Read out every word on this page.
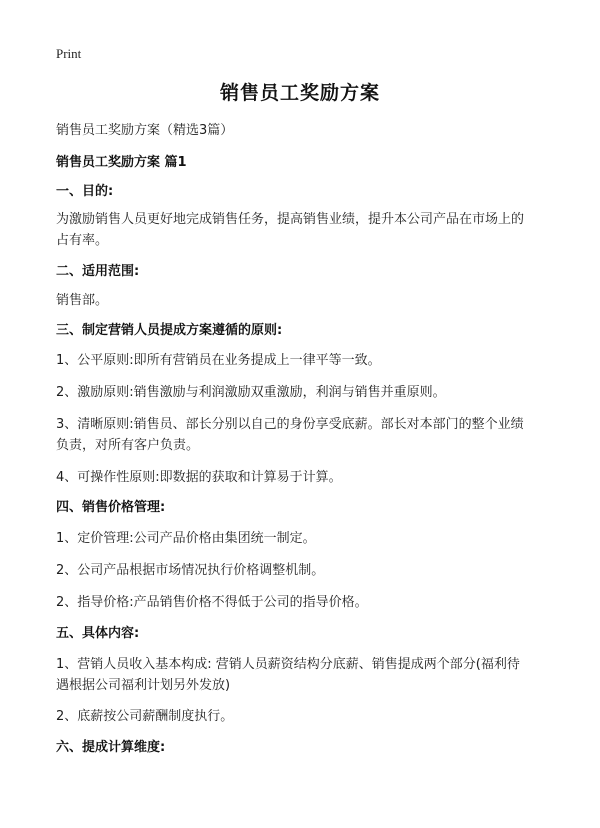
Print
销售员工奖励方案
销售员工奖励方案（精选3篇）
销售员工奖励方案 篇1
一、目的:
为激励销售人员更好地完成销售任务，提高销售业绩，提升本公司产品在市场上的
占有率。
二、适用范围:
销售部。
三、制定营销人员提成方案遵循的原则:
1、公平原则:即所有营销员在业务提成上一律平等一致。
2、激励原则:销售激励与利润激励双重激励，利润与销售并重原则。
3、清晰原则:销售员、部长分别以自己的身份享受底薪。部长对本部门的整个业绩
负责，对所有客户负责。
4、可操作性原则:即数据的获取和计算易于计算。
四、销售价格管理:
1、定价管理:公司产品价格由集团统一制定。
2、公司产品根据市场情况执行价格调整机制。
2、指导价格:产品销售价格不得低于公司的指导价格。
五、具体内容:
1、营销人员收入基本构成: 营销人员薪资结构分底薪、销售提成两个部分(福利待
遇根据公司福利计划另外发放)
2、底薪按公司薪酬制度执行。
六、提成计算维度:
